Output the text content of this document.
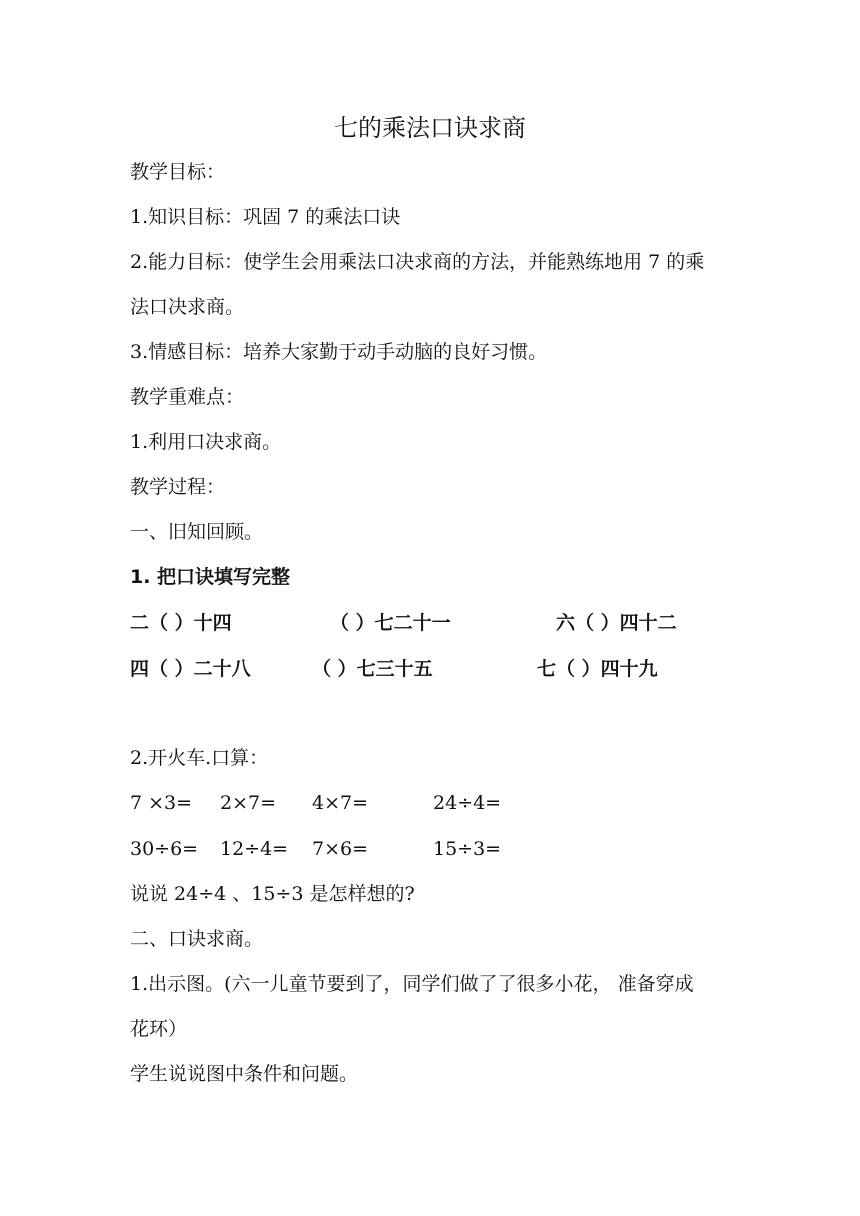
七的乘法口诀求商
教学目标：
1.知识目标：巩固 7 的乘法口诀
2.能力目标：使学生会用乘法口决求商的方法，并能熟练地用 7 的乘
法口决求商。
3.情感目标：培养大家勤于动手动脑的良好习惯。
教学重难点：
1.利用口决求商。
教学过程：
一、旧知回顾。
1. 把口诀填写完整
二（ ）十四	（ ）七二十一	六（ ）四十二
四（ ）二十八	（ ）七三十五	七（ ）四十九
2.开火车.口算：
7 ×3= 2×7= 4×7=	24÷4=
30÷6= 12÷4= 7×6=	15÷3=
说说 24÷4 、15÷3 是怎样想的?
二、口诀求商。
1.出示图。(六一儿童节要到了，同学们做了了很多小花， 准备穿成
花环）
学生说说图中条件和问题。
